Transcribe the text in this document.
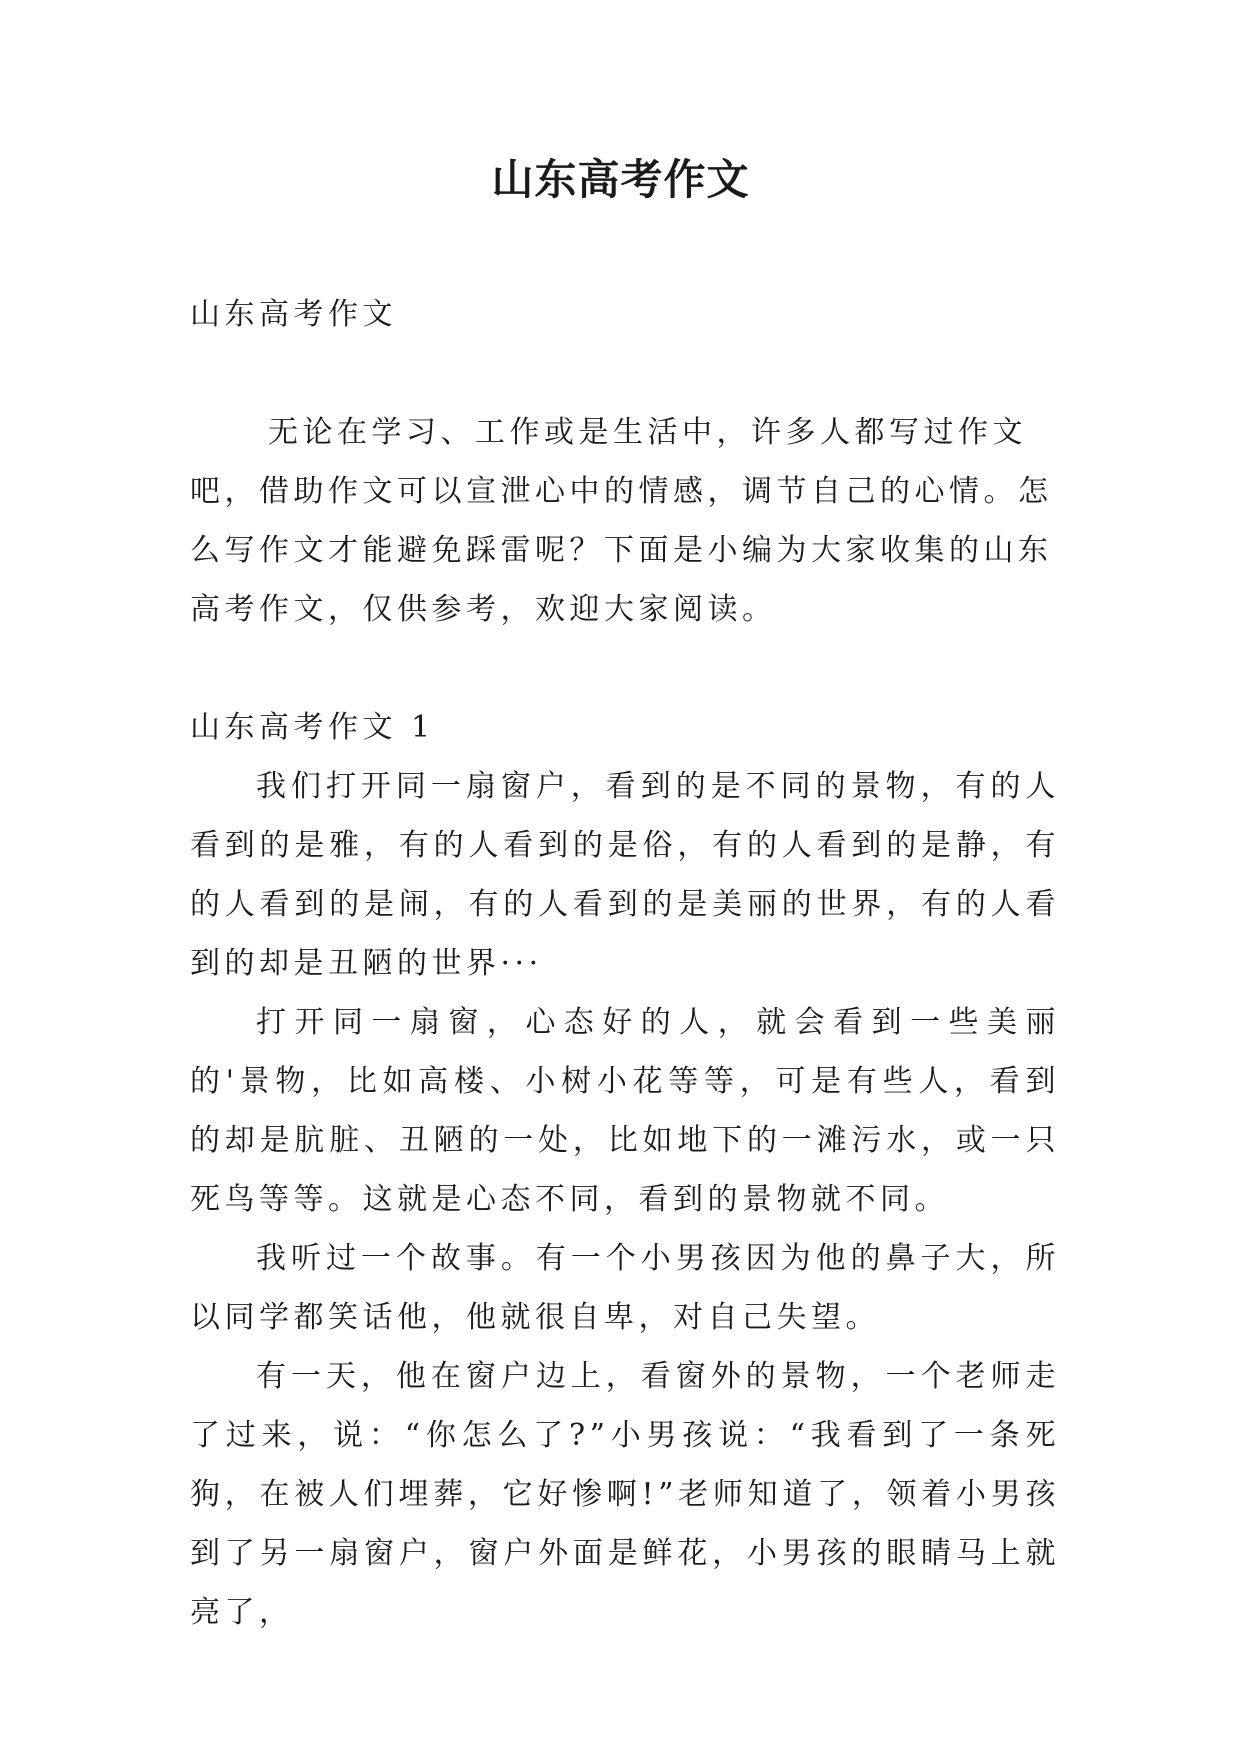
山东高考作文

山东高考作文

无论在学习、工作或是生活中，许多人都写过作文吧，借助作文可以宣泄心中的情感，调节自己的心情。怎么写作文才能避免踩雷呢？下面是小编为大家收集的山东高考作文，仅供参考，欢迎大家阅读。

山东高考作文 1

我们打开同一扇窗户，看到的是不同的景物，有的人看到的是雅，有的人看到的是俗，有的人看到的是静，有的人看到的是闹，有的人看到的是美丽的世界，有的人看到的却是丑陋的世界···

打开同一扇窗，心态好的人，就会看到一些美丽的'景物，比如高楼、小树小花等等，可是有些人，看到的却是肮脏、丑陋的一处，比如地下的一滩污水，或一只死鸟等等。这就是心态不同，看到的景物就不同。

我听过一个故事。有一个小男孩因为他的鼻子大，所以同学都笑话他，他就很自卑，对自己失望。

有一天，他在窗户边上，看窗外的景物，一个老师走了过来，说：“你怎么了?”小男孩说：“我看到了一条死狗，在被人们埋葬，它好惨啊!”老师知道了，领着小男孩到了另一扇窗户，窗户外面是鲜花，小男孩的眼睛马上就亮了，
